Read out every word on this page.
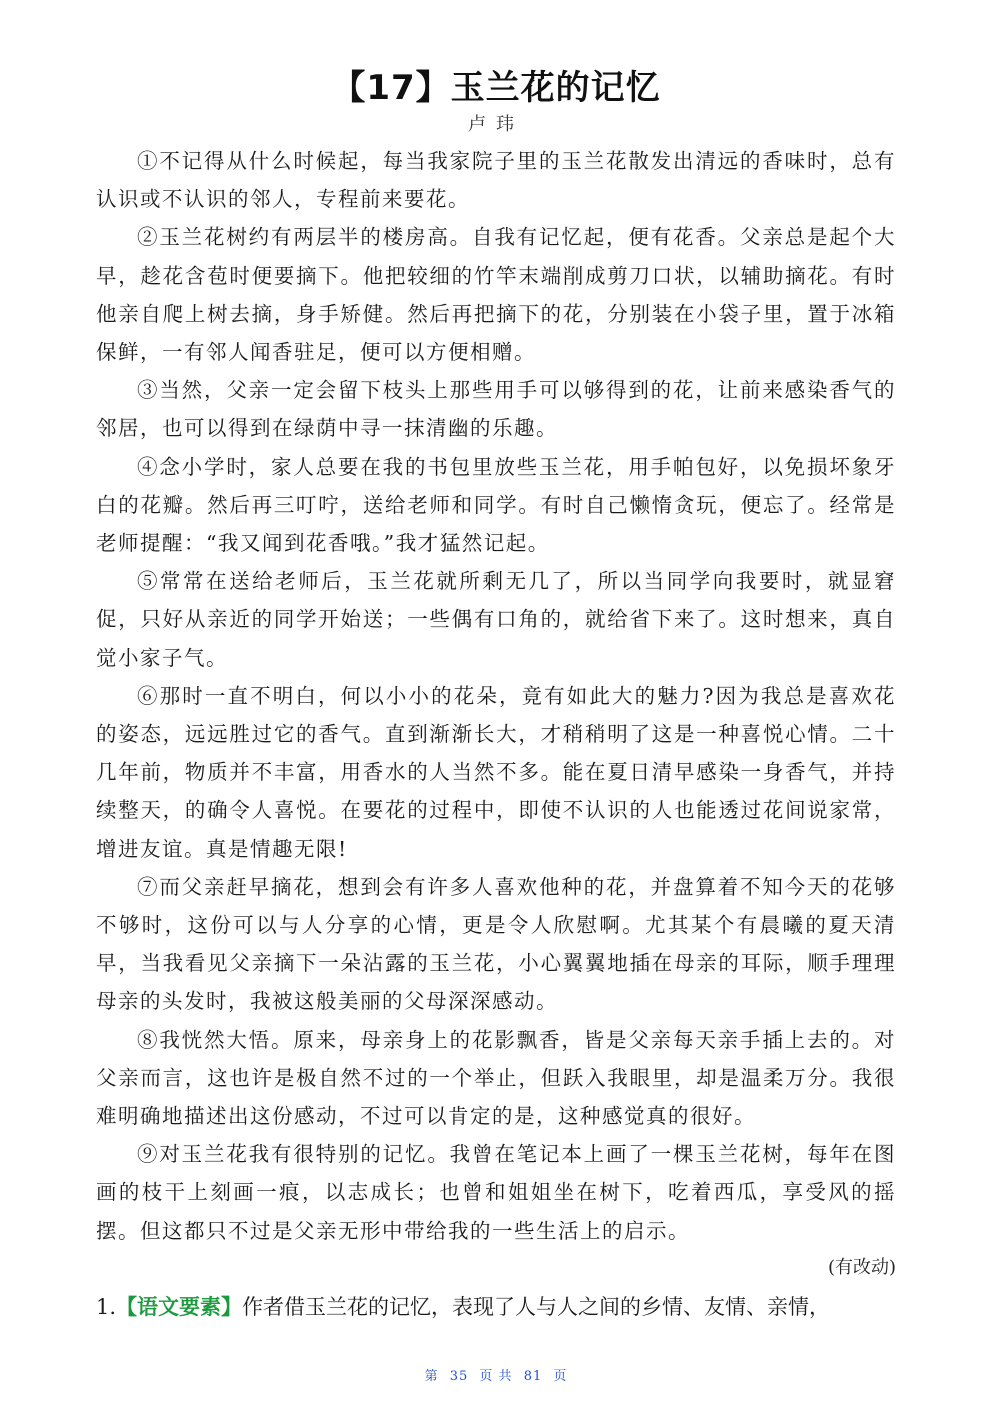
【17】玉兰花的记忆
卢玮

①不记得从什么时候起，每当我家院子里的玉兰花散发出清远的香味时，总有认识或不认识的邻人，专程前来要花。

②玉兰花树约有两层半的楼房高。自我有记忆起，便有花香。父亲总是起个大早，趁花含苞时便要摘下。他把较细的竹竿末端削成剪刀口状，以辅助摘花。有时他亲自爬上树去摘，身手矫健。然后再把摘下的花，分别装在小袋子里，置于冰箱保鲜，一有邻人闻香驻足，便可以方便相赠。

③当然，父亲一定会留下枝头上那些用手可以够得到的花，让前来感染香气的邻居，也可以得到在绿荫中寻一抹清幽的乐趣。

④念小学时，家人总要在我的书包里放些玉兰花，用手帕包好，以免损坏象牙白的花瓣。然后再三叮咛，送给老师和同学。有时自己懒惰贪玩，便忘了。经常是老师提醒：“我又闻到花香哦。”我才猛然记起。

⑤常常在送给老师后，玉兰花就所剩无几了，所以当同学向我要时，就显窘促，只好从亲近的同学开始送；一些偶有口角的，就给省下来了。这时想来，真自觉小家子气。

⑥那时一直不明白，何以小小的花朵，竟有如此大的魅力?因为我总是喜欢花的姿态，远远胜过它的香气。直到渐渐长大，才稍稍明了这是一种喜悦心情。二十几年前，物质并不丰富，用香水的人当然不多。能在夏日清早感染一身香气，并持续整天，的确令人喜悦。在要花的过程中，即使不认识的人也能透过花间说家常，增进友谊。真是情趣无限!

⑦而父亲赶早摘花，想到会有许多人喜欢他种的花，并盘算着不知今天的花够不够时，这份可以与人分享的心情，更是令人欣慰啊。尤其某个有晨曦的夏天清早，当我看见父亲摘下一朵沾露的玉兰花，小心翼翼地插在母亲的耳际，顺手理理母亲的头发时，我被这般美丽的父母深深感动。

⑧我恍然大悟。原来，母亲身上的花影飘香，皆是父亲每天亲手插上去的。对父亲而言，这也许是极自然不过的一个举止，但跃入我眼里，却是温柔万分。我很难明确地描述出这份感动，不过可以肯定的是，这种感觉真的很好。

⑨对玉兰花我有很特别的记忆。我曾在笔记本上画了一棵玉兰花树，每年在图画的枝干上刻画一痕，以志成长；也曾和姐姐坐在树下，吃着西瓜，享受风的摇摆。但这都只不过是父亲无形中带给我的一些生活上的启示。

(有改动)
1.【语文要素】作者借玉兰花的记忆，表现了人与人之间的乡情、友情、亲情，
第 35 页 共 81 页
